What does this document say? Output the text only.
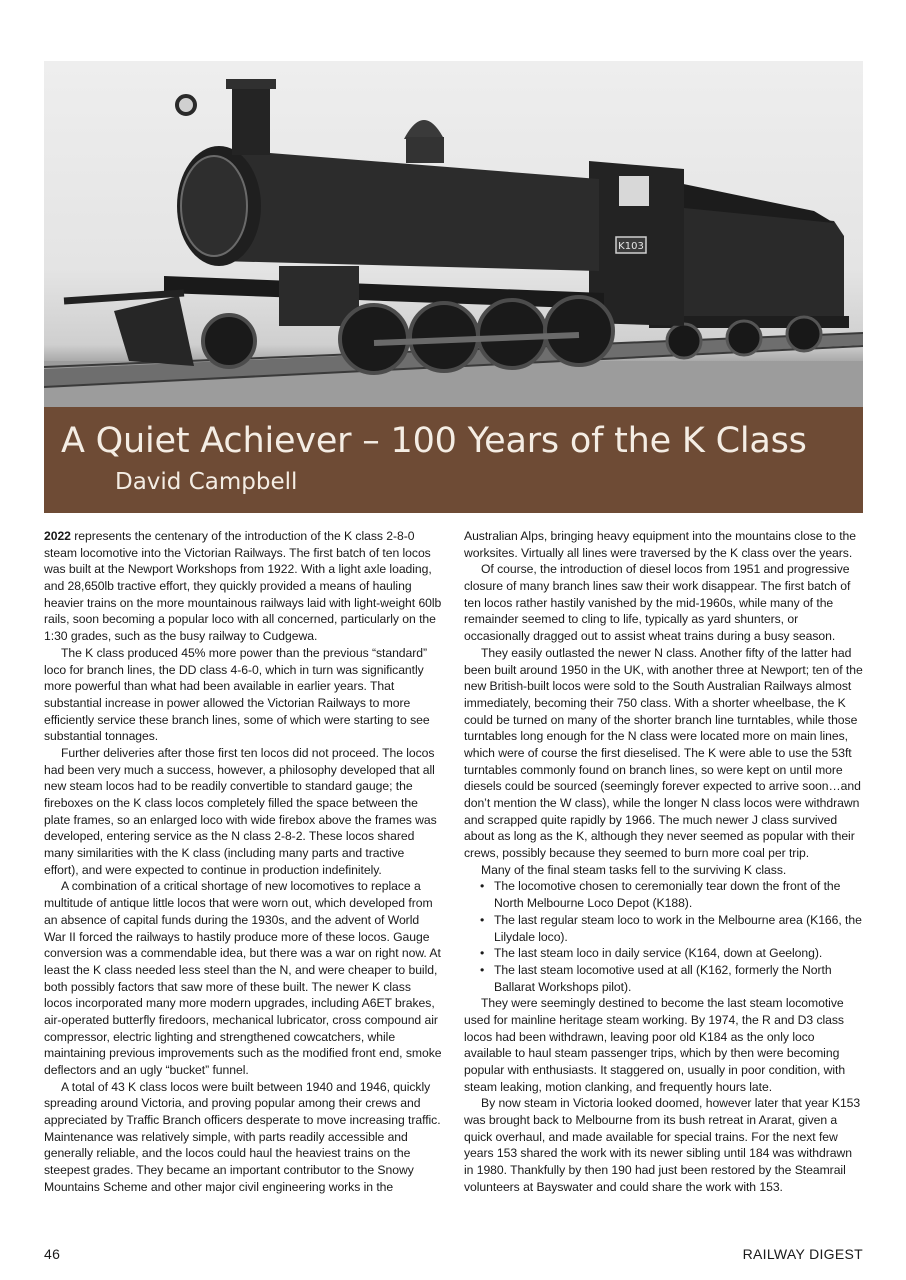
K103
A Quiet Achiever – 100 Years of the K Class
David Campbell

2022 represents the centenary of the introduction of the K class 2-8-0 steam locomotive into the Victorian Railways. The first batch of ten locos was built at the Newport Workshops from 1922. With a light axle loading, and 28,650lb tractive effort, they quickly provided a means of hauling heavier trains on the more mountainous railways laid with light-weight 60lb rails, soon becoming a popular loco with all concerned, particularly on the 1:30 grades, such as the busy railway to Cudgewa.

The K class produced 45% more power than the previous “standard” loco for branch lines, the DD class 4-6-0, which in turn was significantly more powerful than what had been available in earlier years. That substantial increase in power allowed the Victorian Railways to more efficiently service these branch lines, some of which were starting to see substantial tonnages.

Further deliveries after those first ten locos did not proceed. The locos had been very much a success, however, a philosophy developed that all new steam locos had to be readily convertible to standard gauge; the fireboxes on the K class locos completely filled the space between the plate frames, so an enlarged loco with wide firebox above the frames was developed, entering service as the N class 2-8-2. These locos shared many similarities with the K class (including many parts and tractive effort), and were expected to continue in production indefinitely.

A combination of a critical shortage of new locomotives to replace a multitude of antique little locos that were worn out, which developed from an absence of capital funds during the 1930s, and the advent of World War II forced the railways to hastily produce more of these locos. Gauge conversion was a commendable idea, but there was a war on right now. At least the K class needed less steel than the N, and were cheaper to build, both possibly factors that saw more of these built. The newer K class locos incorporated many more modern upgrades, including A6ET brakes, air-operated butterfly firedoors, mechanical lubricator, cross compound air compressor, electric lighting and strengthened cowcatchers, while maintaining previous improvements such as the modified front end, smoke deflectors and an ugly “bucket” funnel.

A total of 43 K class locos were built between 1940 and 1946, quickly spreading around Victoria, and proving popular among their crews and appreciated by Traffic Branch officers desperate to move increasing traffic. Maintenance was relatively simple, with parts readily accessible and generally reliable, and the locos could haul the heaviest trains on the steepest grades. They became an important contributor to the Snowy Mountains Scheme and other major civil engineering works in the

Australian Alps, bringing heavy equipment into the mountains close to the worksites. Virtually all lines were traversed by the K class over the years.

Of course, the introduction of diesel locos from 1951 and progressive closure of many branch lines saw their work disappear. The first batch of ten locos rather hastily vanished by the mid-1960s, while many of the remainder seemed to cling to life, typically as yard shunters, or occasionally dragged out to assist wheat trains during a busy season.

They easily outlasted the newer N class. Another fifty of the latter had been built around 1950 in the UK, with another three at Newport; ten of the new British-built locos were sold to the South Australian Railways almost immediately, becoming their 750 class. With a shorter wheelbase, the K could be turned on many of the shorter branch line turntables, while those turntables long enough for the N class were located more on main lines, which were of course the first dieselised. The K were able to use the 53ft turntables commonly found on branch lines, so were kept on until more diesels could be sourced (seemingly forever expected to arrive soon…and don’t mention the W class), while the longer N class locos were withdrawn and scrapped quite rapidly by 1966. The much newer J class survived about as long as the K, although they never seemed as popular with their crews, possibly because they seemed to burn more coal per trip.

Many of the final steam tasks fell to the surviving K class.

• The locomotive chosen to ceremonially tear down the front of the North Melbourne Loco Depot (K188).
• The last regular steam loco to work in the Melbourne area (K166, the Lilydale loco).
• The last steam loco in daily service (K164, down at Geelong).
• The last steam locomotive used at all (K162, formerly the North Ballarat Workshops pilot).

They were seemingly destined to become the last steam locomotive used for mainline heritage steam working. By 1974, the R and D3 class locos had been withdrawn, leaving poor old K184 as the only loco available to haul steam passenger trips, which by then were becoming popular with enthusiasts. It staggered on, usually in poor condition, with steam leaking, motion clanking, and frequently hours late.

By now steam in Victoria looked doomed, however later that year K153 was brought back to Melbourne from its bush retreat in Ararat, given a quick overhaul, and made available for special trains. For the next few years 153 shared the work with its newer sibling until 184 was withdrawn in 1980. Thankfully by then 190 had just been restored by the Steamrail volunteers at Bayswater and could share the work with 153.

46	RAILWAY DIGEST
